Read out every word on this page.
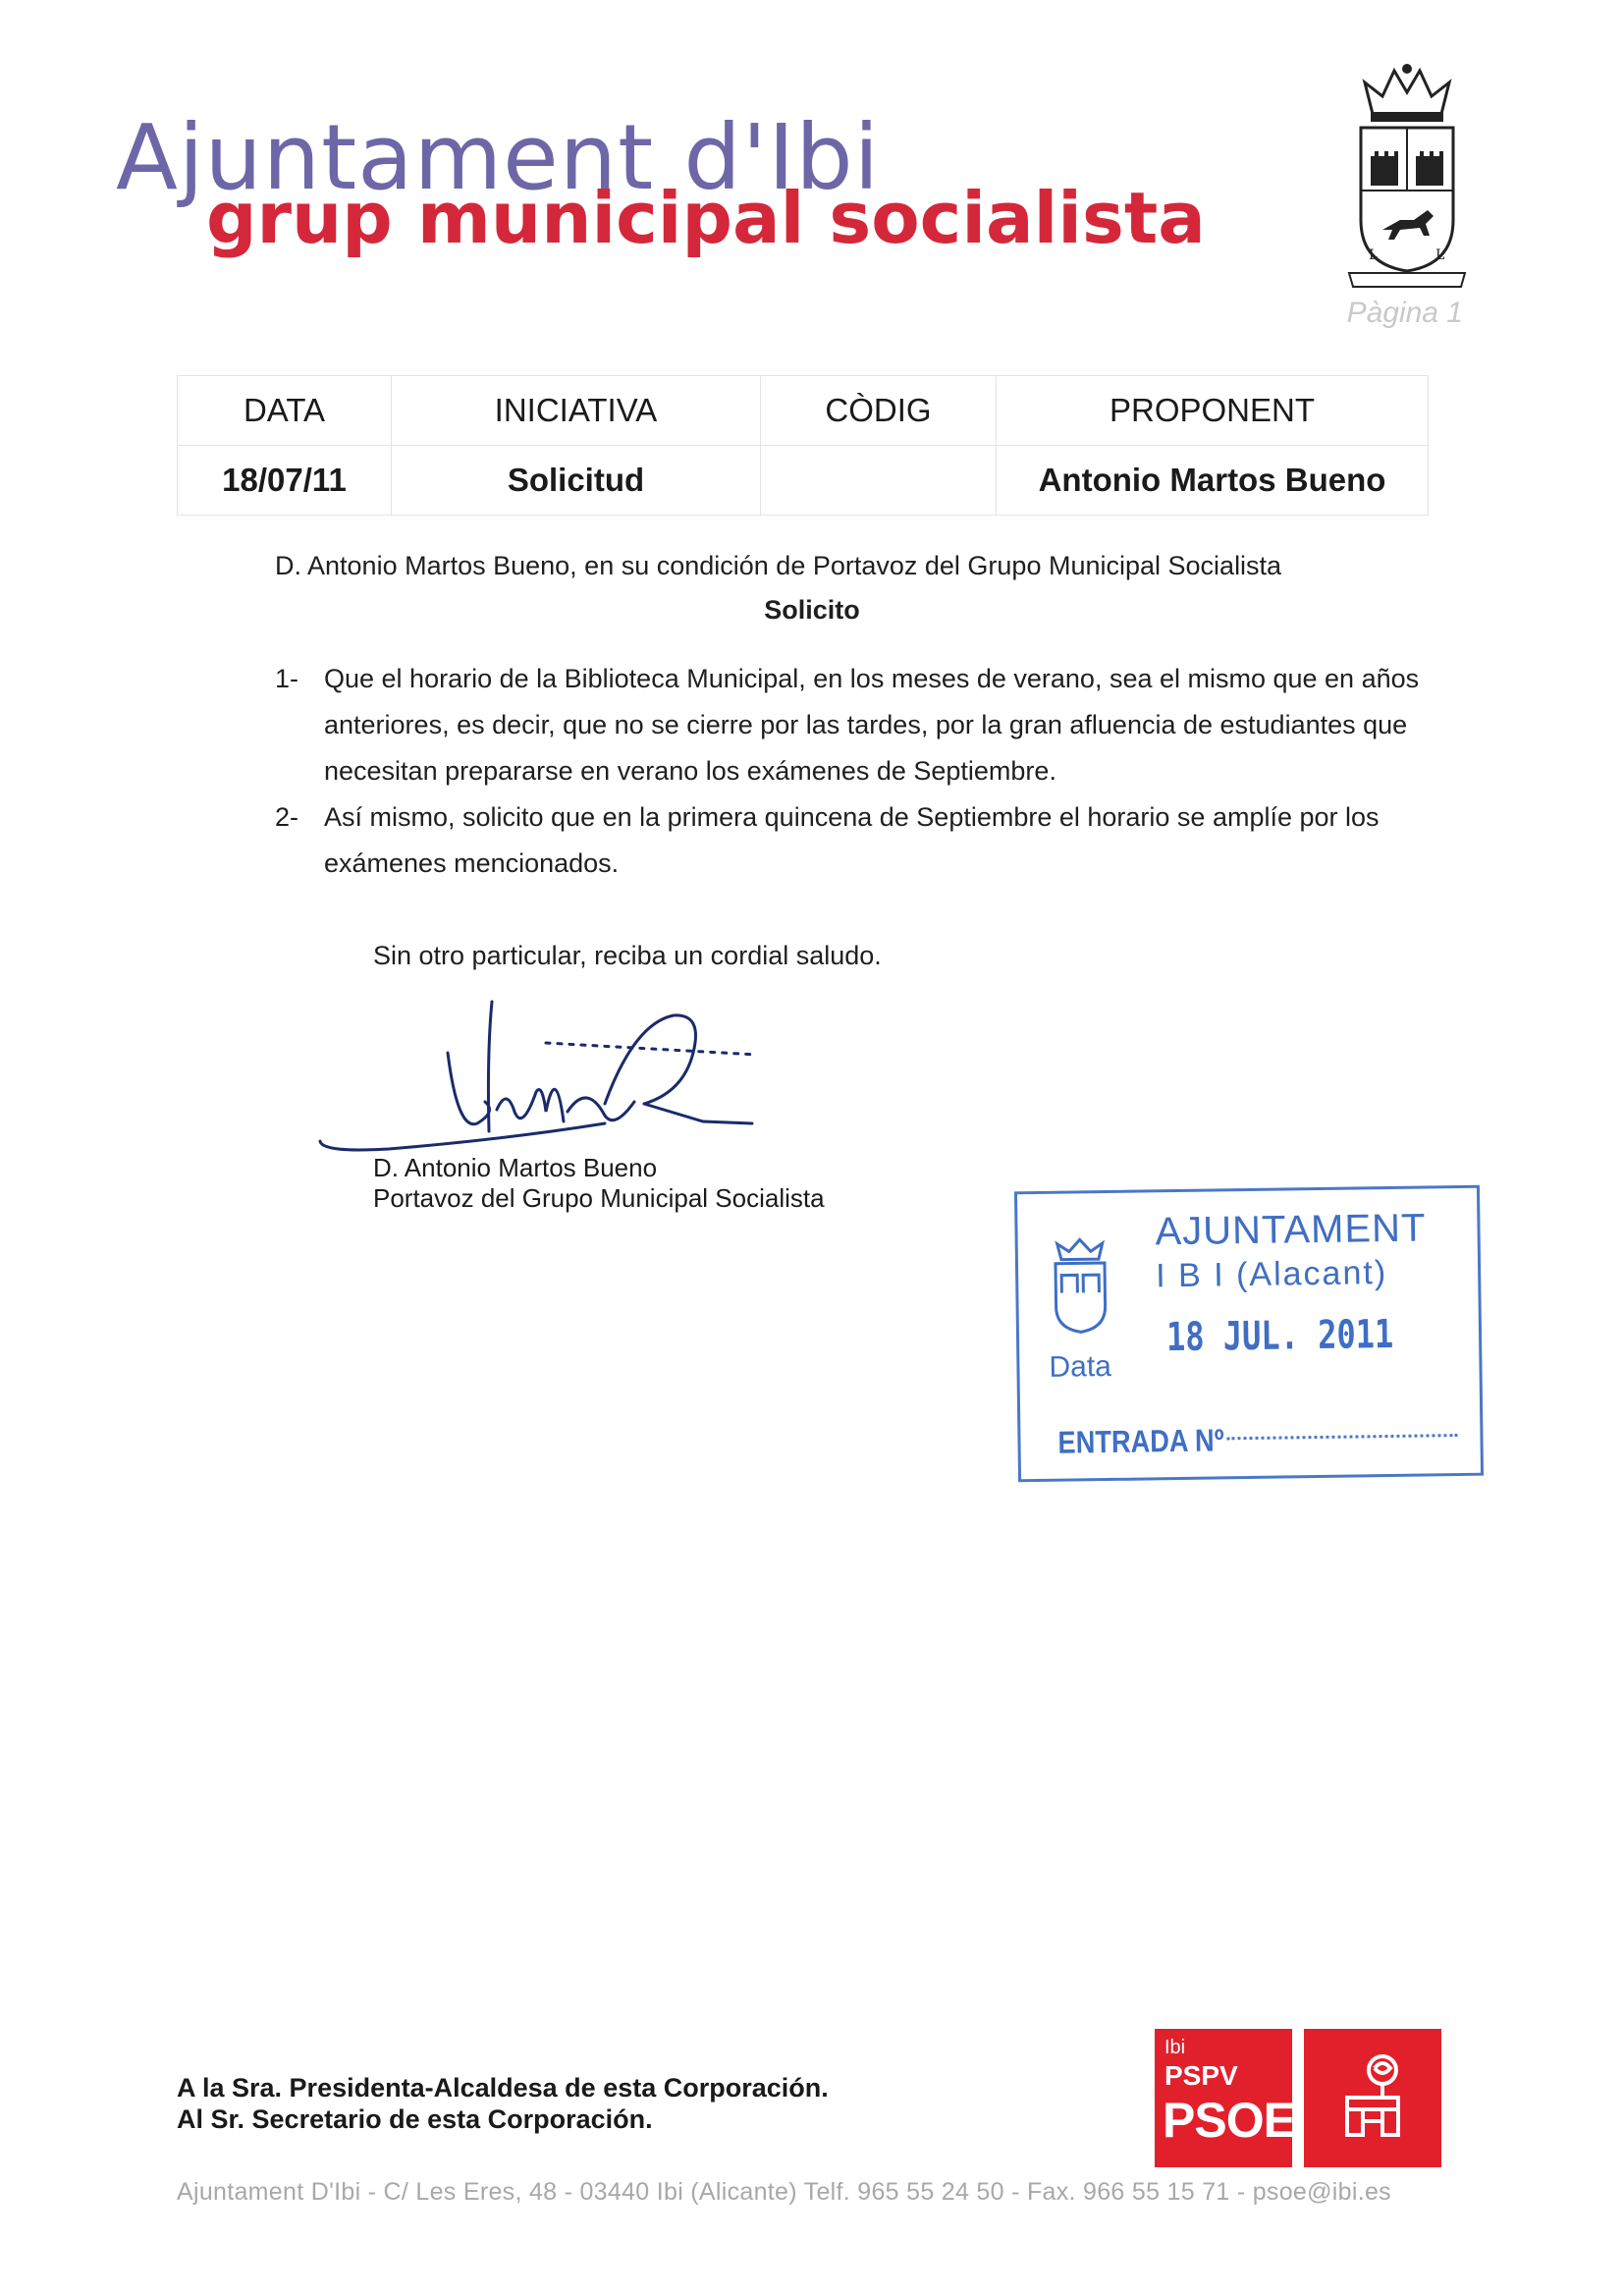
Ajuntament d'Ibi
grup municipal socialista	L	L
Pàgina 1
DATA	INICIATIVA	CÒDIG	PROPONENT
18/07/11	Solicitud		Antonio Martos Bueno
D. Antonio Martos Bueno, en su condición de Portavoz del Grupo Municipal Socialista
Solicito
1- Que el horario de la Biblioteca Municipal, en los meses de verano, sea el mismo que en años anteriores, es decir, que no se cierre por las tardes, por la gran afluencia de estudiantes que necesitan prepararse en verano los exámenes de Septiembre.
2- Así mismo, solicito que en la primera quincena de Septiembre el horario se amplíe por los exámenes mencionados.
Sin otro particular, reciba un cordial saludo.
D. Antonio Martos Bueno
Portavoz del Grupo Municipal Socialista
AJUNTAMENT
I B I (Alacant)
Data
18 JUL. 2011
ENTRADA Nº
A la Sra. Presidenta-Alcaldesa de esta Corporación.
Al Sr. Secretario de esta Corporación.
Ibi
PSPV
PSOE
Ajuntament D'Ibi - C/ Les Eres, 48 - 03440 Ibi (Alicante) Telf. 965 55 24 50 - Fax. 966 55 15 71 - psoe@ibi.es
